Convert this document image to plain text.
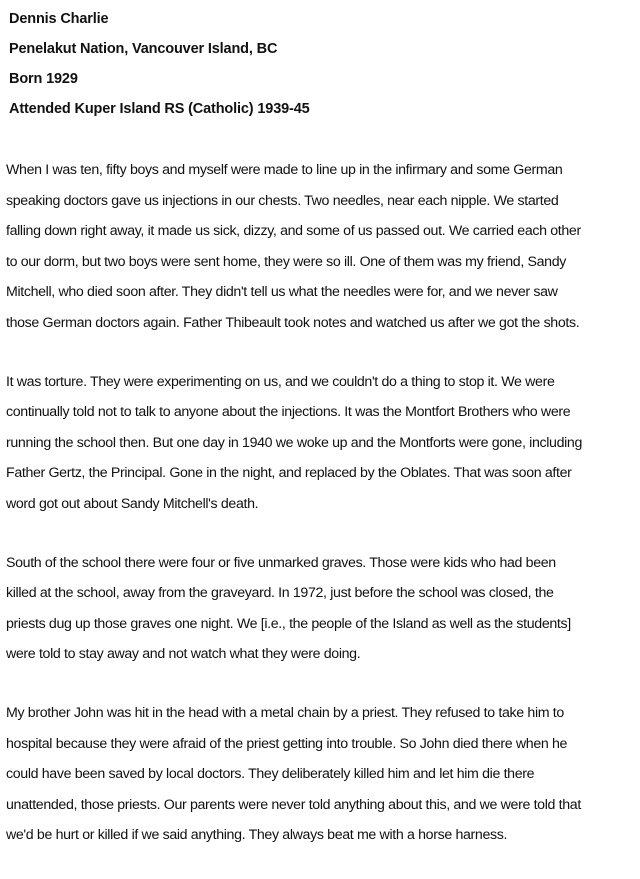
Dennis Charlie
Penelakut Nation, Vancouver Island, BC
Born 1929
Attended Kuper Island RS (Catholic) 1939-45
When I was ten, fifty boys and myself were made to line up in the infirmary and some German
speaking doctors gave us injections in our chests. Two needles, near each nipple. We started
falling down right away, it made us sick, dizzy, and some of us passed out. We carried each other
to our dorm, but two boys were sent home, they were so ill. One of them was my friend, Sandy
Mitchell, who died soon after. They didn't tell us what the needles were for, and we never saw
those German doctors again. Father Thibeault took notes and watched us after we got the shots.
It was torture. They were experimenting on us, and we couldn't do a thing to stop it. We were
continually told not to talk to anyone about the injections. It was the Montfort Brothers who were
running the school then. But one day in 1940 we woke up and the Montforts were gone, including
Father Gertz, the Principal. Gone in the night, and replaced by the Oblates. That was soon after
word got out about Sandy Mitchell's death.
South of the school there were four or five unmarked graves. Those were kids who had been
killed at the school, away from the graveyard. In 1972, just before the school was closed, the
priests dug up those graves one night. We [i.e., the people of the Island as well as the students]
were told to stay away and not watch what they were doing.
My brother John was hit in the head with a metal chain by a priest. They refused to take him to
hospital because they were afraid of the priest getting into trouble. So John died there when he
could have been saved by local doctors. They deliberately killed him and let him die there
unattended, those priests. Our parents were never told anything about this, and we were told that
we'd be hurt or killed if we said anything. They always beat me with a horse harness.
